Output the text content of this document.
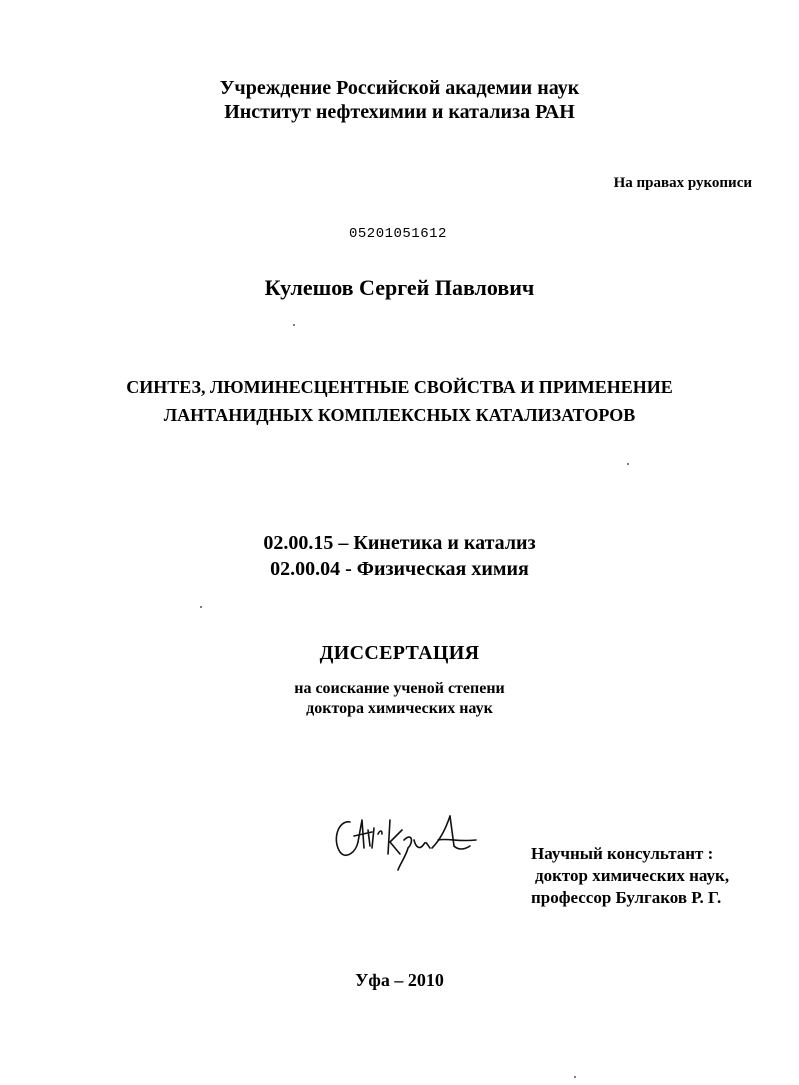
Учреждение Российской академии наук
Институт нефтехимии и катализа РАН
На правах рукописи
05201051612
Кулешов Сергей Павлович
СИНТЕЗ, ЛЮМИНЕСЦЕНТНЫЕ СВОЙСТВА И ПРИМЕНЕНИЕ
ЛАНТАНИДНЫХ КОМПЛЕКСНЫХ КАТАЛИЗАТОРОВ
02.00.15 – Кинетика и катализ
02.00.04 - Физическая химия
ДИССЕРТАЦИЯ
на соискание ученой степени
доктора химических наук
Научный консультант :
доктор химических наук,
профессор Булгаков Р. Г.
Уфа – 2010
